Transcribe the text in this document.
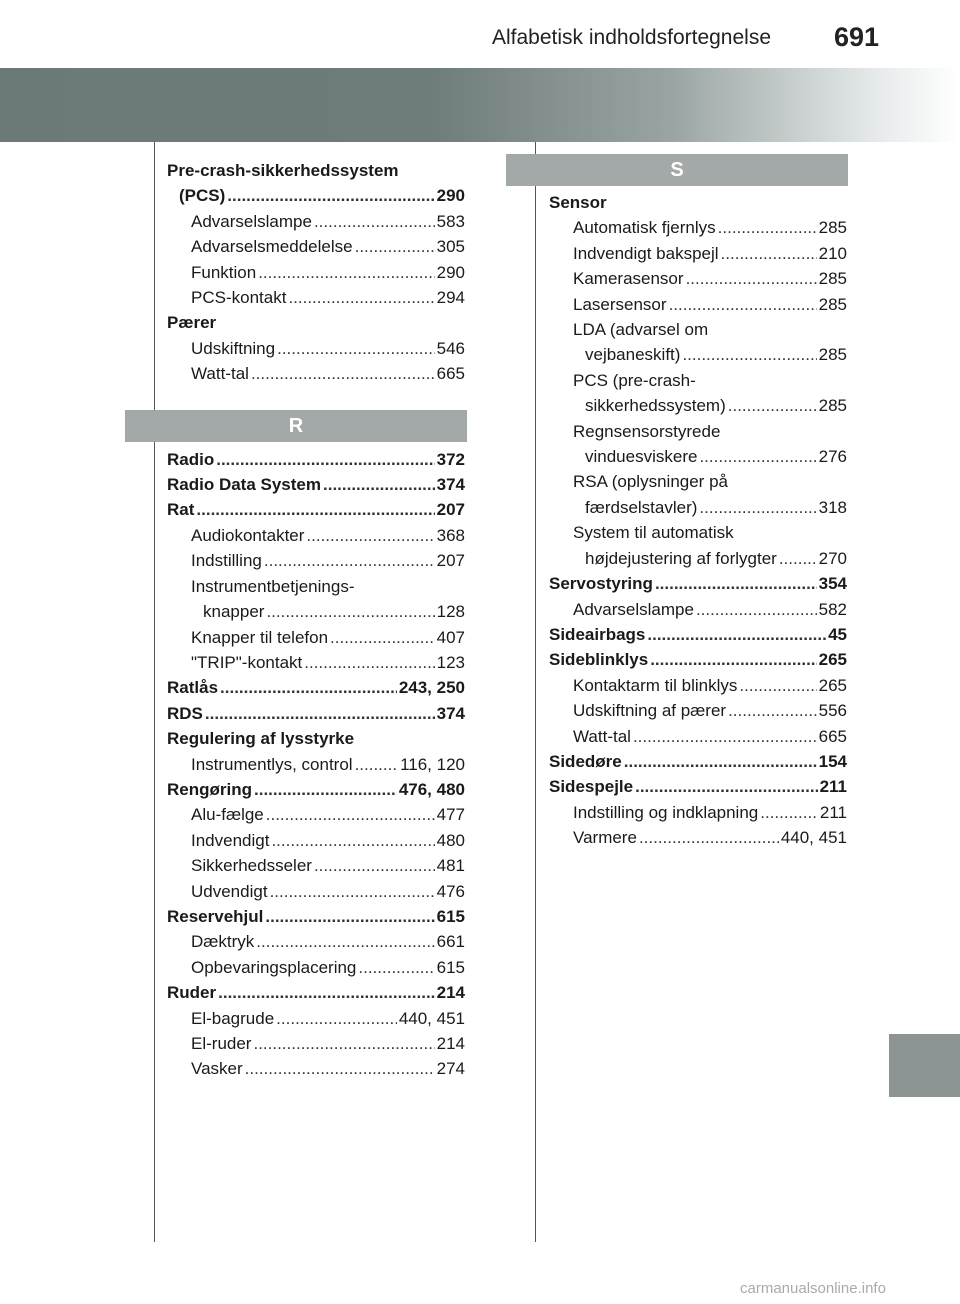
Alfabetisk indholdsfortegnelse 691
R
S
Pre-crash-sikkerhedssystem
(PCS) .....	290
Advarselslampe .....	583
Advarselsmeddelelse .....	305
Funktion .....	290
PCS-kontakt .....	294
Pærer
Udskiftning .....	546
Watt-tal .....	665
Radio .....	372
Radio Data System .....	374
Rat .....	207
Audiokontakter .....	368
Indstilling .....	207
Instrumentbetjenings-
knapper .....	128
Knapper til telefon .....	407
"TRIP"-kontakt .....	123
Ratlås .....	243, 250
RDS .....	374
Regulering af lysstyrke
Instrumentlys, control .....	116, 120
Rengøring .....	476, 480
Alu-fælge .....	477
Indvendigt .....	480
Sikkerhedsseler .....	481
Udvendigt .....	476
Reservehjul .....	615
Dæktryk .....	661
Opbevaringsplacering .....	615
Ruder .....	214
El-bagrude .....	440, 451
El-ruder .....	214
Vasker .....	274
Sensor
Automatisk fjernlys .....	285
Indvendigt bakspejl .....	210
Kamerasensor .....	285
Lasersensor .....	285
LDA (advarsel om
vejbaneskift) .....	285
PCS (pre-crash-
sikkerhedssystem) .....	285
Regnsensorstyrede
vinduesviskere .....	276
RSA (oplysninger på
færdselstavler) .....	318
System til automatisk
højdejustering af forlygter ..... 270
Servostyring .....	354
Advarselslampe .....	582
Sideairbags .....	45
Sideblinklys .....	265
Kontaktarm til blinklys .....	265
Udskiftning af pærer .....	556
Watt-tal .....	665
Sidedøre .....	154
Sidespejle .....	211
Indstilling og indklapning .....	211
Varmere .....	440, 451
carmanualsonline.info
